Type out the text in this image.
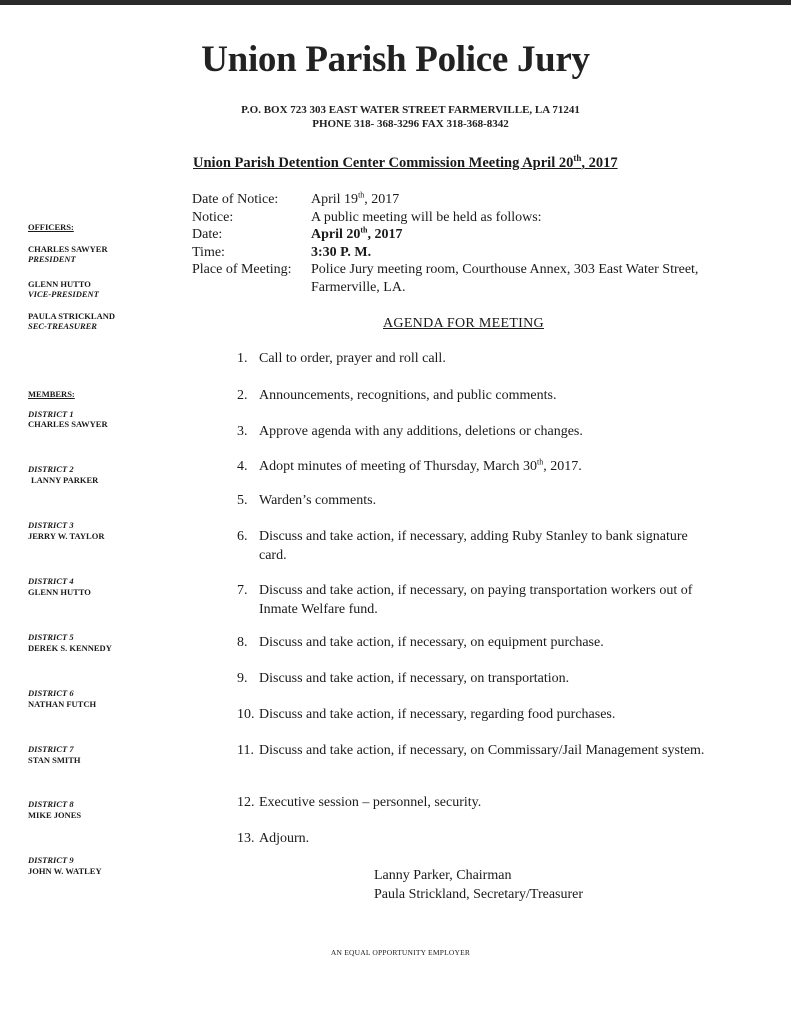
Union Parish Police Jury
P.O. BOX 723 303 EAST WATER STREET FARMERVILLE, LA 71241
PHONE 318- 368-3296 FAX 318-368-8342
Union Parish Detention Center Commission Meeting April 20th, 2017
Date of Notice:	April 19th, 2017
Notice:	A public meeting will be held as follows:
Date:	April 20th, 2017
Time:	3:30 P. M.
Place of Meeting:	Police Jury meeting room, Courthouse Annex, 303 East Water Street, Farmerville, LA.
AGENDA FOR MEETING
1. Call to order, prayer and roll call.
2. Announcements, recognitions, and public comments.
3. Approve agenda with any additions, deletions or changes.
4. Adopt minutes of meeting of Thursday, March 30th, 2017.
5. Warden’s comments.
6. Discuss and take action, if necessary, adding Ruby Stanley to bank signature card.
7. Discuss and take action, if necessary, on paying transportation workers out of Inmate Welfare fund.
8. Discuss and take action, if necessary, on equipment purchase.
9. Discuss and take action, if necessary, on transportation.
10. Discuss and take action, if necessary, regarding food purchases.
11. Discuss and take action, if necessary, on Commissary/Jail Management system.
12. Executive session – personnel, security.
13. Adjourn.
OFFICERS:
CHARLES SAWYER
PRESIDENT
GLENN HUTTO
VICE-PRESIDENT
PAULA STRICKLAND
SEC-TREASURER
MEMBERS:
DISTRICT 1
CHARLES SAWYER
DISTRICT 2
LANNY PARKER
DISTRICT 3
JERRY W. TAYLOR
DISTRICT 4
GLENN HUTTO
DISTRICT 5
DEREK S. KENNEDY
DISTRICT 6
NATHAN FUTCH
DISTRICT 7
STAN SMITH
DISTRICT 8
MIKE JONES
DISTRICT 9
JOHN W. WATLEY	Lanny Parker, Chairman
Paula Strickland, Secretary/Treasurer
AN EQUAL OPPORTUNITY EMPLOYER
